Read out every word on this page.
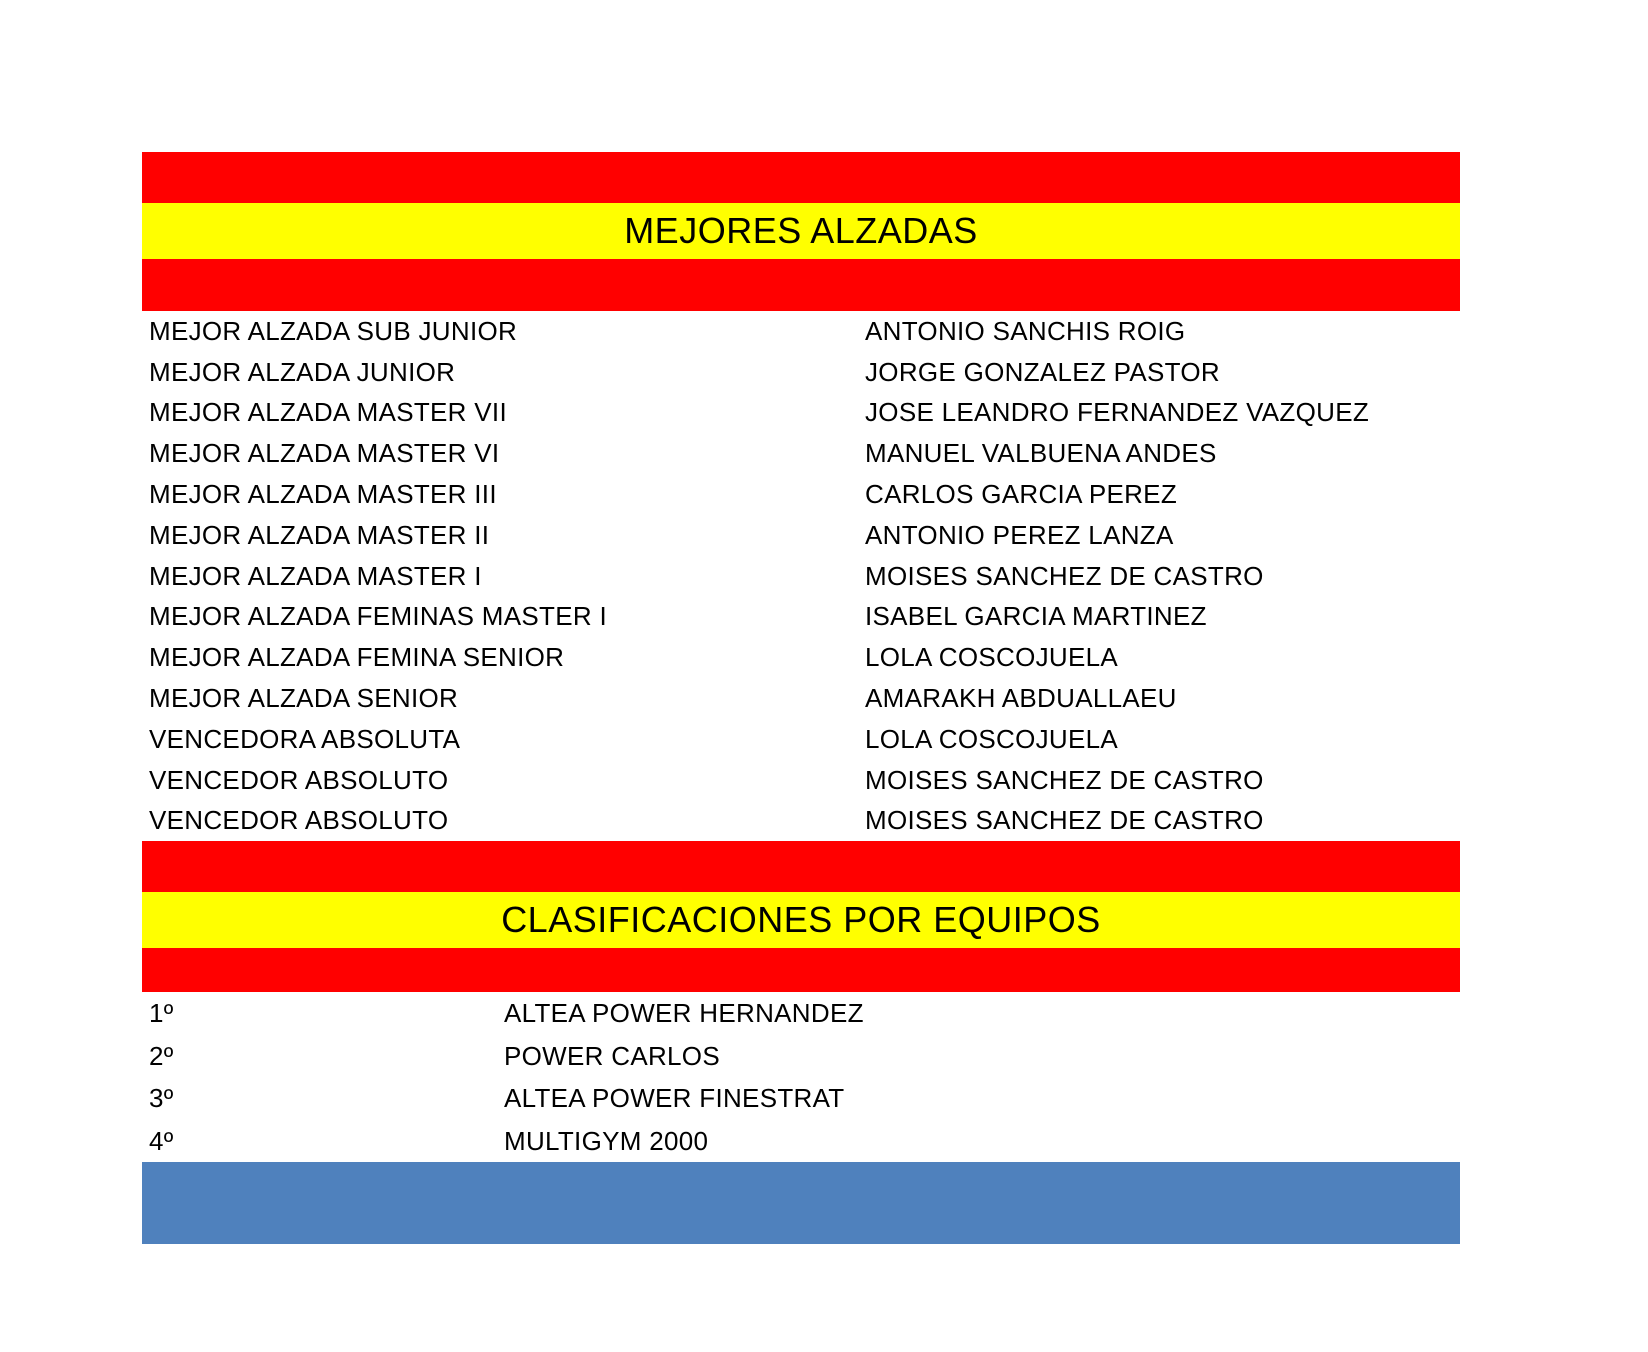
MEJORES ALZADAS
MEJOR ALZADA SUB JUNIOR	ANTONIO SANCHIS ROIG
MEJOR ALZADA JUNIOR	JORGE GONZALEZ PASTOR
MEJOR ALZADA MASTER VII	JOSE LEANDRO FERNANDEZ VAZQUEZ
MEJOR ALZADA MASTER VI	MANUEL VALBUENA ANDES
MEJOR ALZADA MASTER III	CARLOS GARCIA PEREZ
MEJOR ALZADA MASTER II	ANTONIO PEREZ LANZA
MEJOR ALZADA MASTER I	MOISES SANCHEZ DE CASTRO
MEJOR ALZADA FEMINAS MASTER I	ISABEL GARCIA MARTINEZ
MEJOR ALZADA FEMINA SENIOR	LOLA COSCOJUELA
MEJOR ALZADA SENIOR	AMARAKH ABDUALLAEU
VENCEDORA ABSOLUTA	LOLA COSCOJUELA
VENCEDOR ABSOLUTO	MOISES SANCHEZ DE CASTRO
VENCEDOR ABSOLUTO	MOISES SANCHEZ DE CASTRO
CLASIFICACIONES POR EQUIPOS
1º	ALTEA POWER HERNANDEZ
2º	POWER CARLOS
3º	ALTEA POWER FINESTRAT
4º	MULTIGYM 2000
